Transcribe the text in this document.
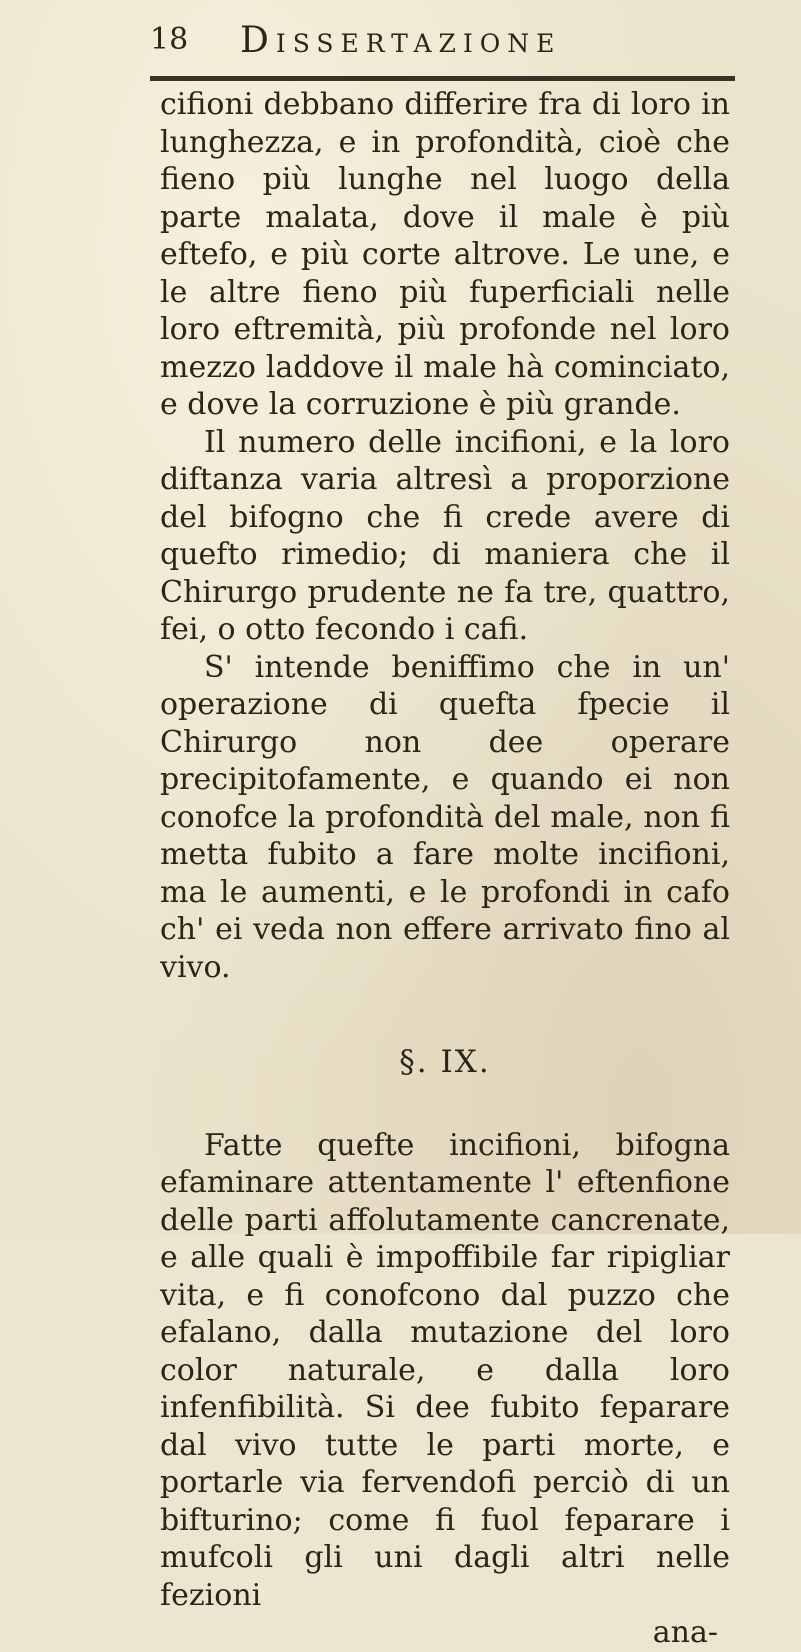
18 Dissertazione

cifioni debbano differire fra di loro in lunghezza, e in profondità, cioè che fieno più lunghe nel luogo della parte malata, dove il male è più eftefo, e più corte altrove. Le une, e le altre fieno più fuperficiali nelle loro eftremità, più profonde nel loro mezzo laddove il male hà cominciato, e dove la corruzione è più grande.

Il numero delle incifioni, e la loro diftanza varia altresì a proporzione del bifogno che fi crede avere di quefto rimedio; di maniera che il Chirurgo prudente ne fa tre, quattro, fei, o otto fecondo i cafi.

S' intende beniffimo che in un' operazione di quefta fpecie il Chirurgo non dee operare precipitofamente, e quando ei non conofce la profondità del male, non fi metta fubito a fare molte incifioni, ma le aumenti, e le profondi in cafo ch' ei veda non effere arrivato fino al vivo.

§. IX.

Fatte quefte incifioni, bifogna efaminare attentamente l' eftenfione delle parti affolutamente cancrenate, e alle quali è impoffibile far ripigliar vita, e fi conofcono dal puzzo che efalano, dalla mutazione del loro color naturale, e dalla loro infenfibilità. Si dee fubito feparare dal vivo tutte le parti morte, e portarle via fervendofi perciò di un bifturino; come fi fuol feparare i mufcoli gli uni dagli altri nelle fezioni

ana-
